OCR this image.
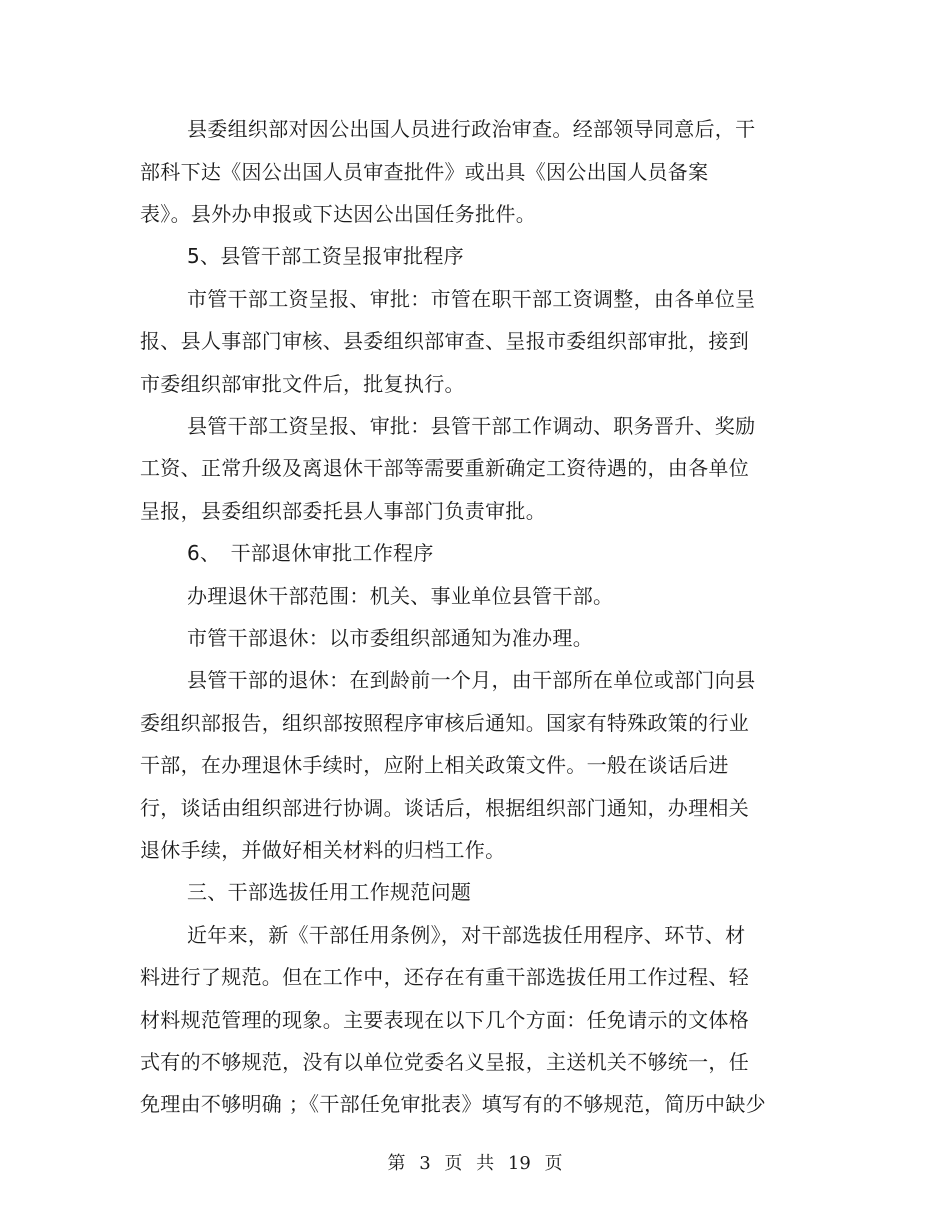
县委组织部对因公出国人员进行政治审查。经部领导同意后，干
部科下达《因公出国人员审查批件》或出具《因公出国人员备案
表》。县外办申报或下达因公出国任务批件。
5、县管干部工资呈报审批程序
市管干部工资呈报、审批：市管在职干部工资调整，由各单位呈
报、县人事部门审核、县委组织部审查、呈报市委组织部审批，接到
市委组织部审批文件后，批复执行。
县管干部工资呈报、审批：县管干部工作调动、职务晋升、奖励
工资、正常升级及离退休干部等需要重新确定工资待遇的，由各单位
呈报，县委组织部委托县人事部门负责审批。
6、　干部退休审批工作程序
办理退休干部范围：机关、事业单位县管干部。
市管干部退休：以市委组织部通知为准办理。
县管干部的退休：在到龄前一个月，由干部所在单位或部门向县
委组织部报告，组织部按照程序审核后通知。国家有特殊政策的行业
干部，在办理退休手续时，应附上相关政策文件。一般在谈话后进
行，谈话由组织部进行协调。谈话后，根据组织部门通知，办理相关
退休手续，并做好相关材料的归档工作。
三、干部选拔任用工作规范问题
近年来，新《干部任用条例》，对干部选拔任用程序、环节、材
料进行了规范。但在工作中，还存在有重干部选拔任用工作过程、轻
材料规范管理的现象。主要表现在以下几个方面：任免请示的文体格
式有的不够规范，没有以单位党委名义呈报，主送机关不够统一，任
免理由不够明确 ；《干部任免审批表》填写有的不够规范，简历中缺少
第 3 页 共 19 页
